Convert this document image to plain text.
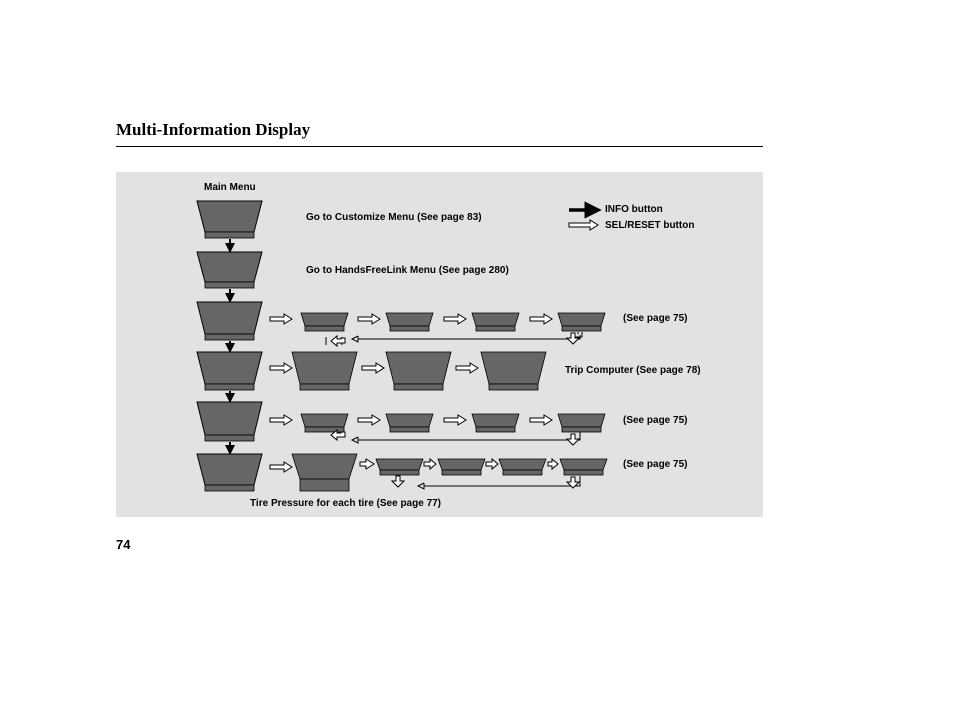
Multi-Information Display
Main Menu
Go to Customize Menu (See page 83)
Go to HandsFreeLink Menu (See page 280)
(See page 75)
Trip Computer (See page 78)
(See page 75)
(See page 75)
Tire Pressure for each tire (See page 77)
INFO button
SEL/RESET button
74
